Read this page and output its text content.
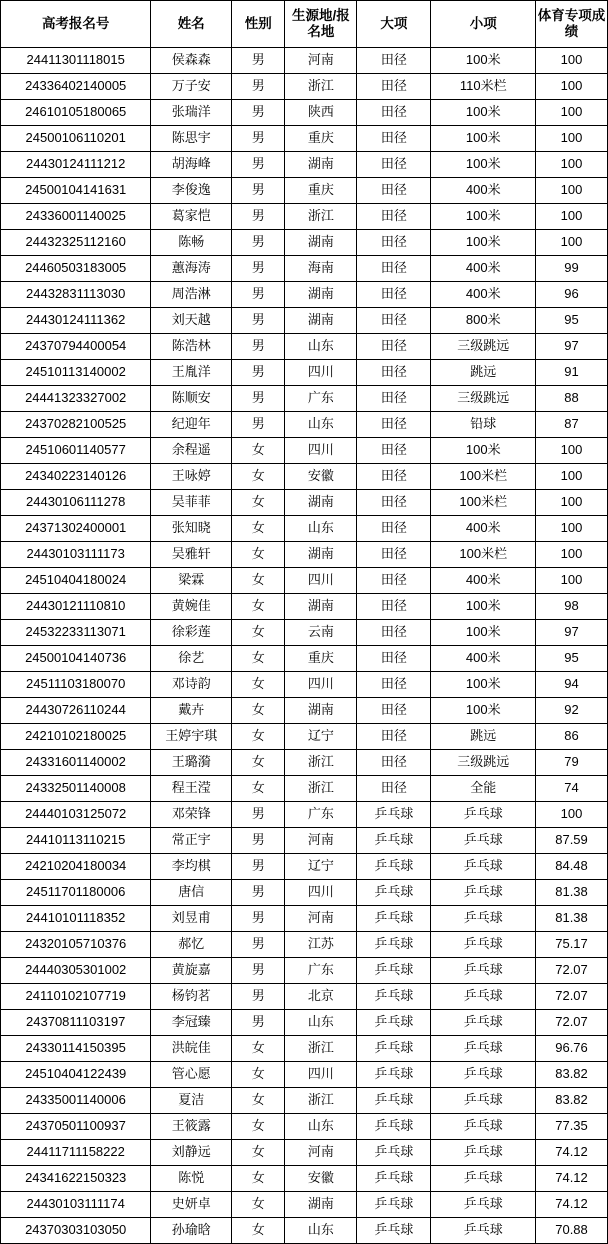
高考报名号	姓名	性别	生源地/报名地	大项	小项	体育专项成绩
24411301118015	侯森森	男	河南	田径	100米	100
24336402140005	万子安	男	浙江	田径	110米栏	100
24610105180065	张瑞洋	男	陕西	田径	100米	100
24500106110201	陈思宇	男	重庆	田径	100米	100
24430124111212	胡海峰	男	湖南	田径	100米	100
24500104141631	李俊逸	男	重庆	田径	400米	100
24336001140025	葛家恺	男	浙江	田径	100米	100
24432325112160	陈畅	男	湖南	田径	100米	100
24460503183005	蕙海涛	男	海南	田径	400米	99
24432831113030	周浩淋	男	湖南	田径	400米	96
24430124111362	刘天越	男	湖南	田径	800米	95
24370794400054	陈浩林	男	山东	田径	三级跳远	97
24510113140002	王胤洋	男	四川	田径	跳远	91
24441323327002	陈顺安	男	广东	田径	三级跳远	88
24370282100525	纪迎年	男	山东	田径	铅球	87
24510601140577	余程遥	女	四川	田径	100米	100
24340223140126	王咏婷	女	安徽	田径	100米栏	100
24430106111278	吴菲菲	女	湖南	田径	100米栏	100
24371302400001	张知晓	女	山东	田径	400米	100
24430103111173	吴雅轩	女	湖南	田径	100米栏	100
24510404180024	梁霖	女	四川	田径	400米	100
24430121110810	黄婉佳	女	湖南	田径	100米	98
24532233113071	徐彩莲	女	云南	田径	100米	97
24500104140736	徐艺	女	重庆	田径	400米	95
24511103180070	邓诗韵	女	四川	田径	100米	94
24430726110244	戴卉	女	湖南	田径	100米	92
24210102180025	王婷宇琪	女	辽宁	田径	跳远	86
24331601140002	王璐漪	女	浙江	田径	三级跳远	79
24332501140008	程王滢	女	浙江	田径	全能	74
24440103125072	邓荣锋	男	广东	乒乓球	乒乓球	100
24410113110215	常正宇	男	河南	乒乓球	乒乓球	87.59
24210204180034	李均棋	男	辽宁	乒乓球	乒乓球	84.48
24511701180006	唐信	男	四川	乒乓球	乒乓球	81.38
24410101118352	刘昱甫	男	河南	乒乓球	乒乓球	81.38
24320105710376	郝忆	男	江苏	乒乓球	乒乓球	75.17
24440305301002	黄旋嘉	男	广东	乒乓球	乒乓球	72.07
24110102107719	杨钧茗	男	北京	乒乓球	乒乓球	72.07
24370811103197	李冠臻	男	山东	乒乓球	乒乓球	72.07
24330114150395	洪皖佳	女	浙江	乒乓球	乒乓球	96.76
24510404122439	管心愿	女	四川	乒乓球	乒乓球	83.82
24335001140006	夏洁	女	浙江	乒乓球	乒乓球	83.82
24370501100937	王筱露	女	山东	乒乓球	乒乓球	77.35
24411711158222	刘静远	女	河南	乒乓球	乒乓球	74.12
24341622150323	陈悦	女	安徽	乒乓球	乒乓球	74.12
24430103111174	史妍卓	女	湖南	乒乓球	乒乓球	74.12
24370303103050	孙瑜晗	女	山东	乒乓球	乒乓球	70.88
